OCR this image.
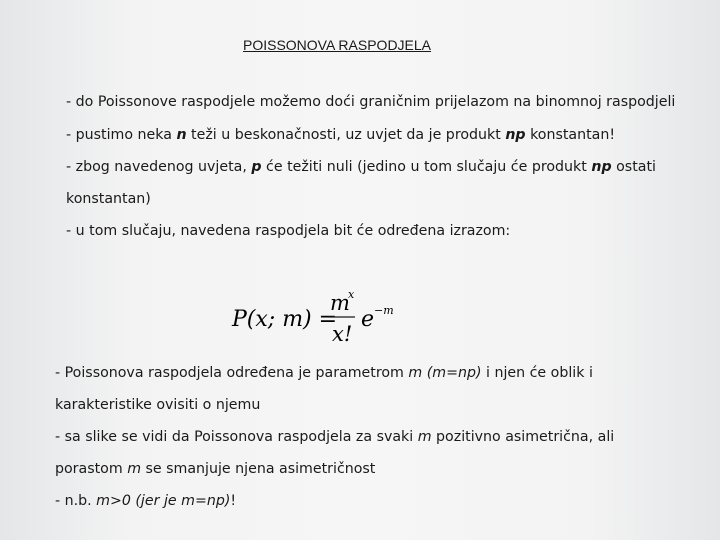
POISSONOVA RASPODJELA
- do Poissonove raspodjele možemo doći graničnim prijelazom na binomnoj raspodjeli
- pustimo neka n teži u beskonačnosti, uz uvjet da je produkt np konstantan!
- zbog navedenog uvjeta, p će težiti nuli (jedino u tom slučaju će produkt np ostati
konstantan)
- u tom slučaju, navedena raspodjela bit će određena izrazom:
P(x; m) =
m
x
x!
e −m
- Poissonova raspodjela određena je parametrom m (m=np) i njen će oblik i
karakteristike ovisiti o njemu
- sa slike se vidi da Poissonova raspodjela za svaki m pozitivno asimetrična, ali
porastom m se smanjuje njena asimetričnost
- n.b. m>0 (jer je m=np)!
